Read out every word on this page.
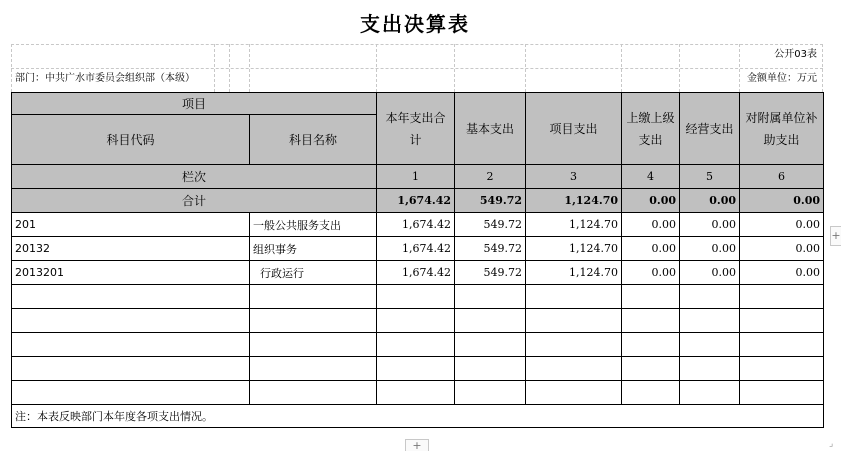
支出决算表
公开03表
部门：中共广水市委员会组织部（本级）	金额单位：万元
项目		本年支出合计	基本支出	项目支出	上缴上级支出	经营支出	对附属单位补助支出
科目代码	科目名称						
栏次		1	2	3	4	5	6
合计		1,674.42	549.72	1,124.70	0.00	0.00	0.00
201	一般公共服务支出	1,674.42	549.72	1,124.70	0.00	0.00	0.00
20132	组织事务	1,674.42	549.72	1,124.70	0.00	0.00	0.00
2013201	行政运行	1,674.42	549.72	1,124.70	0.00	0.00	0.00

注：本表反映部门本年度各项支出情况。							
+
+	⌟
